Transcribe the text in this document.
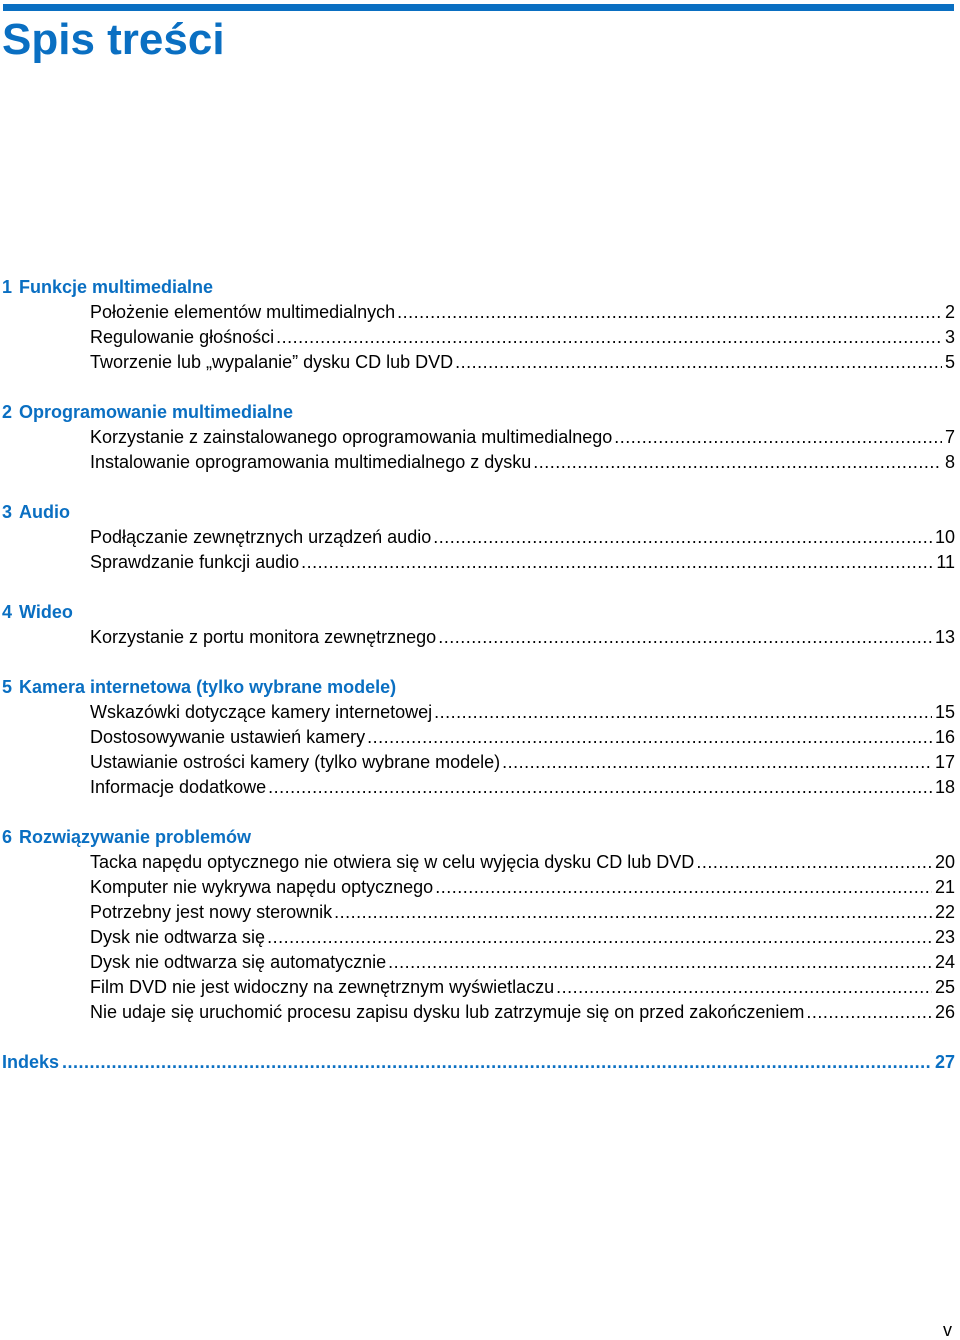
Spis treści
1 Funkcje multimedialne
Położenie elementów multimedialnych .....	2
Regulowanie głośności .....	3
Tworzenie lub „wypalanie” dysku CD lub DVD .....	5
2 Oprogramowanie multimedialne
Korzystanie z zainstalowanego oprogramowania multimedialnego .....	7
Instalowanie oprogramowania multimedialnego z dysku .....	8
3 Audio
Podłączanie zewnętrznych urządzeń audio .....	10
Sprawdzanie funkcji audio .....	11
4 Wideo
Korzystanie z portu monitora zewnętrznego .....	13
5 Kamera internetowa (tylko wybrane modele)
Wskazówki dotyczące kamery internetowej .....	15
Dostosowywanie ustawień kamery .....	16
Ustawianie ostrości kamery (tylko wybrane modele) .....	17
Informacje dodatkowe .....	18
6 Rozwiązywanie problemów
Tacka napędu optycznego nie otwiera się w celu wyjęcia dysku CD lub DVD .....	20
Komputer nie wykrywa napędu optycznego .....	21
Potrzebny jest nowy sterownik .....	22
Dysk nie odtwarza się .....	23
Dysk nie odtwarza się automatycznie .....	24
Film DVD nie jest widoczny na zewnętrznym wyświetlaczu .....	25
Nie udaje się uruchomić procesu zapisu dysku lub zatrzymuje się on przed zakończeniem .....	26
Indeks .....	27
v
